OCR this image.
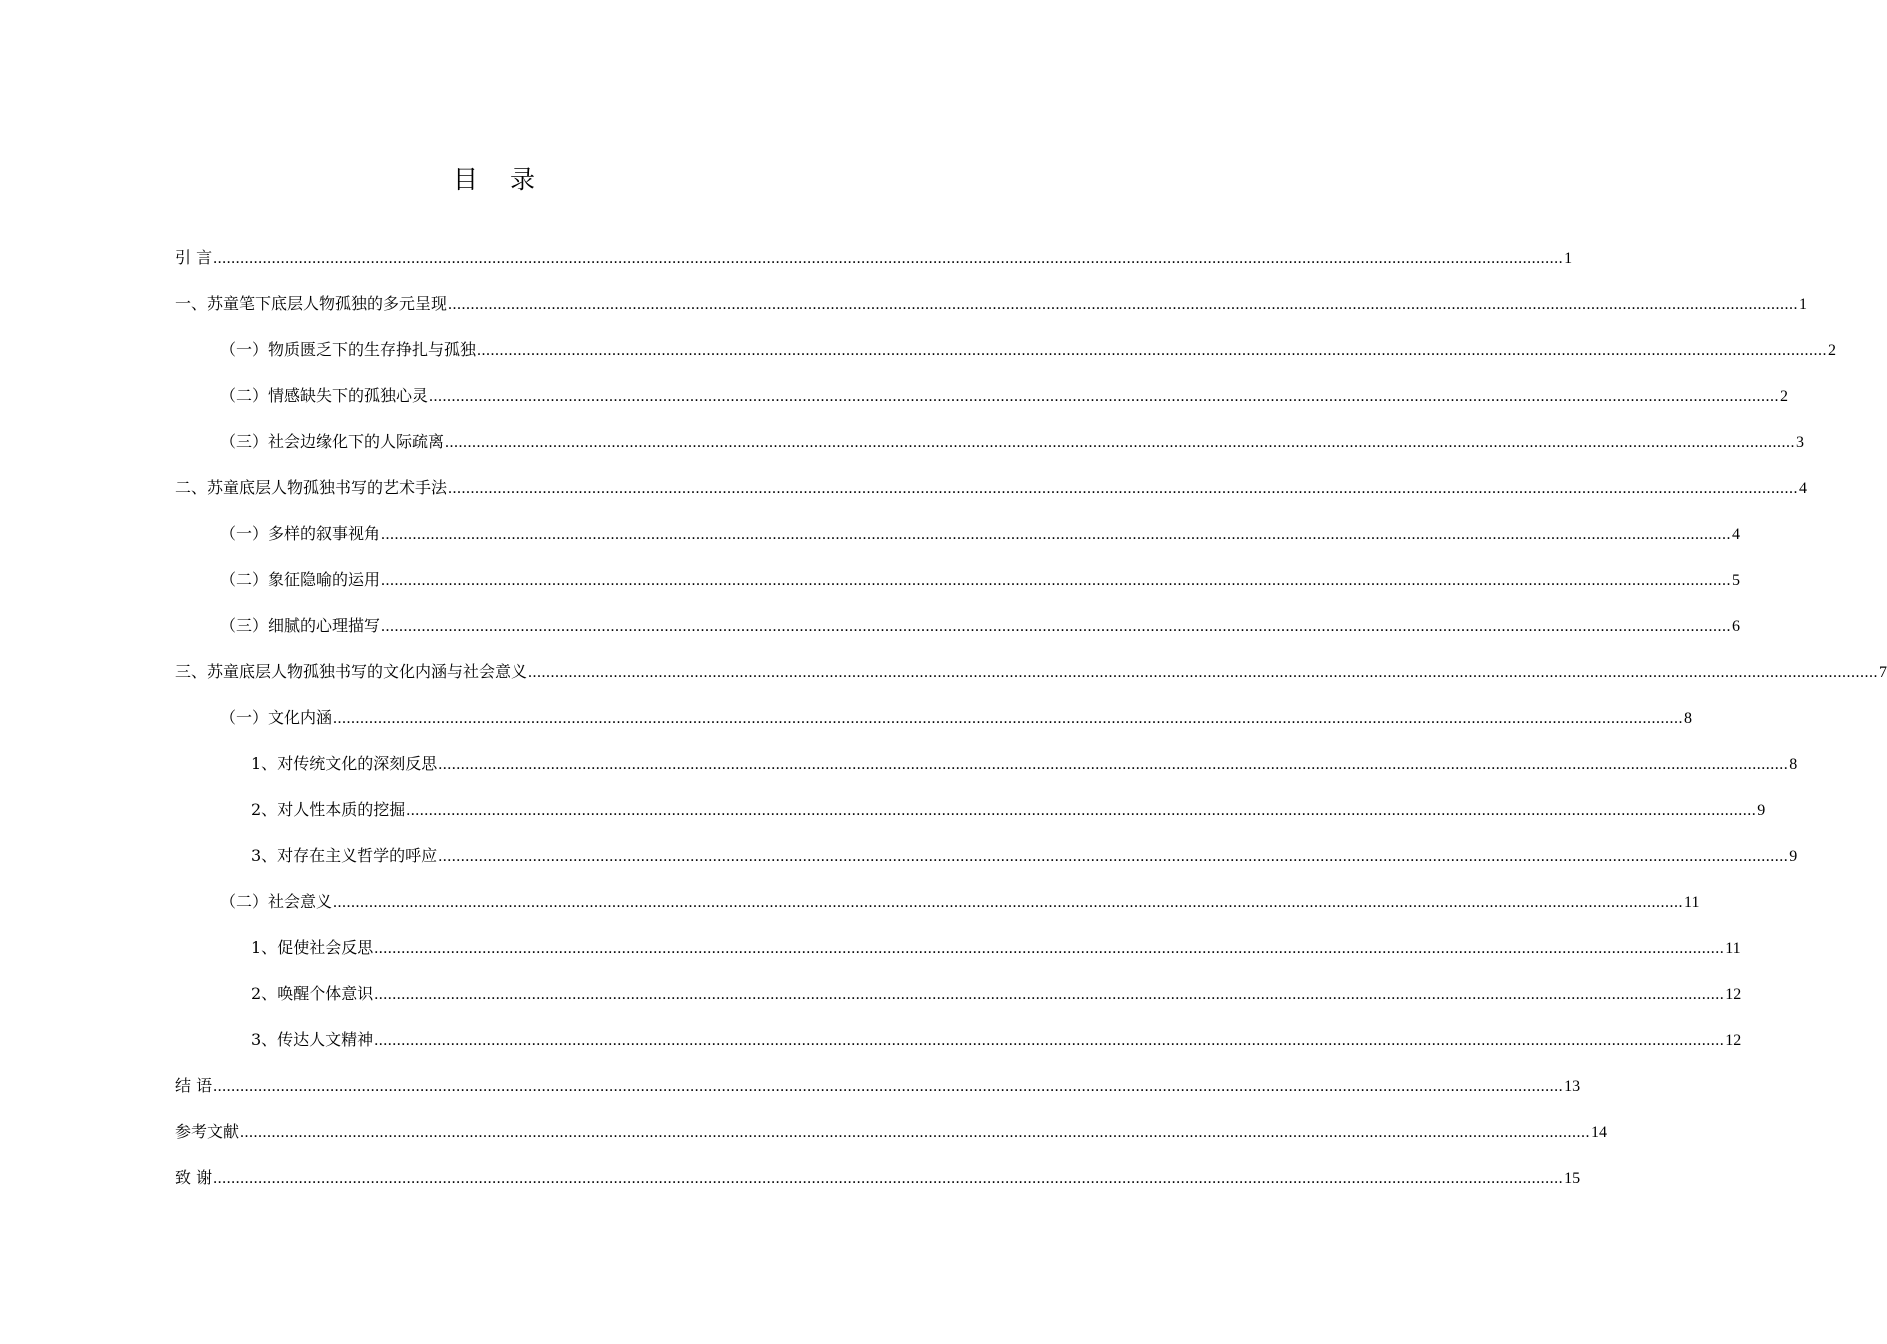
目 录
引 言 ............................................................................................................................................................................................................................................................................................................ 1
一、 苏童笔下底层人物孤独的多元呈现 ............................................................................................................................................................................................................................................................................................................ 1
（一） 物质匮乏下的生存挣扎与孤独 ............................................................................................................................................................................................................................................................................................................ 2
（二） 情感缺失下的孤独心灵 ............................................................................................................................................................................................................................................................................................................ 2
（三） 社会边缘化下的人际疏离 ............................................................................................................................................................................................................................................................................................................ 3
二、 苏童底层人物孤独书写的艺术手法 ............................................................................................................................................................................................................................................................................................................ 4
（一） 多样的叙事视角 ............................................................................................................................................................................................................................................................................................................ 4
（二） 象征隐喻的运用 ............................................................................................................................................................................................................................................................................................................ 5
（三） 细腻的心理描写 ............................................................................................................................................................................................................................................................................................................ 6
三、 苏童底层人物孤独书写的文化内涵与社会意义 ............................................................................................................................................................................................................................................................................................................ 7
（一） 文化内涵 ............................................................................................................................................................................................................................................................................................................ 8
1、 对传统文化的深刻反思 ............................................................................................................................................................................................................................................................................................................ 8
2、 对人性本质的挖掘 ............................................................................................................................................................................................................................................................................................................ 9
3、对存在主义哲学的呼应 ............................................................................................................................................................................................................................................................................................................ 9
（二） 社会意义 ............................................................................................................................................................................................................................................................................................................ 11
1、 促使社会反思 ............................................................................................................................................................................................................................................................................................................ 11
2、 唤醒个体意识 ............................................................................................................................................................................................................................................................................................................ 12
3、传达人文精神 ............................................................................................................................................................................................................................................................................................................ 12
结 语 ............................................................................................................................................................................................................................................................................................................ 13
参考文献 ............................................................................................................................................................................................................................................................................................................ 14
致 谢 ............................................................................................................................................................................................................................................................................................................ 15
